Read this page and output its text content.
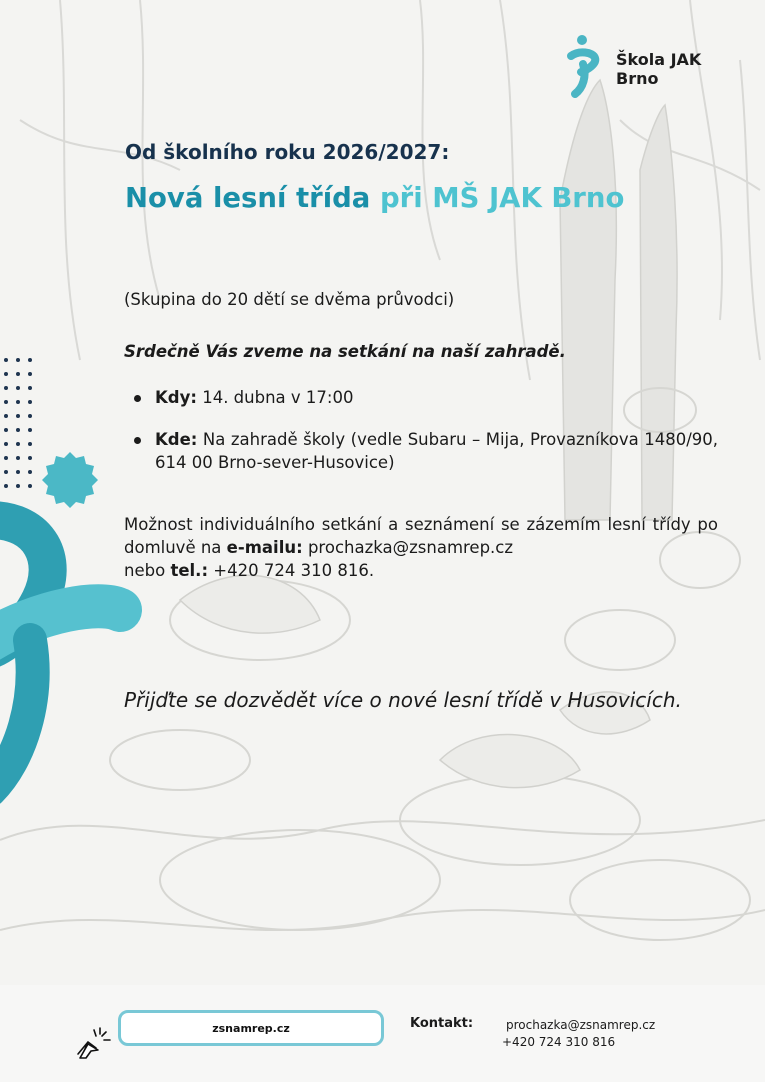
Škola JAK
Brno
Od školního roku 2026/2027:
Nová lesní třída při MŠ JAK Brno
(Skupina do 20 dětí se dvěma průvodci)
Srdečně Vás zveme na setkání na naší zahradě.
Kdy: 14. dubna v 17:00
Kde: Na zahradě školy (vedle Subaru – Mija, Provazníkova 1480/90, 614 00 Brno-sever-Husovice)
Možnost individuálního setkání a seznámení se zázemím lesní třídy po domluvě na e-mailu: prochazka@zsnamrep.cz
nebo tel.: +420 724 310 816.
Přijďte se dozvědět více o nové lesní třídě v Husovicích.
zsnamrep.cz	Kontakt:	prochazka@zsnamrep.cz
+420 724 310 816
